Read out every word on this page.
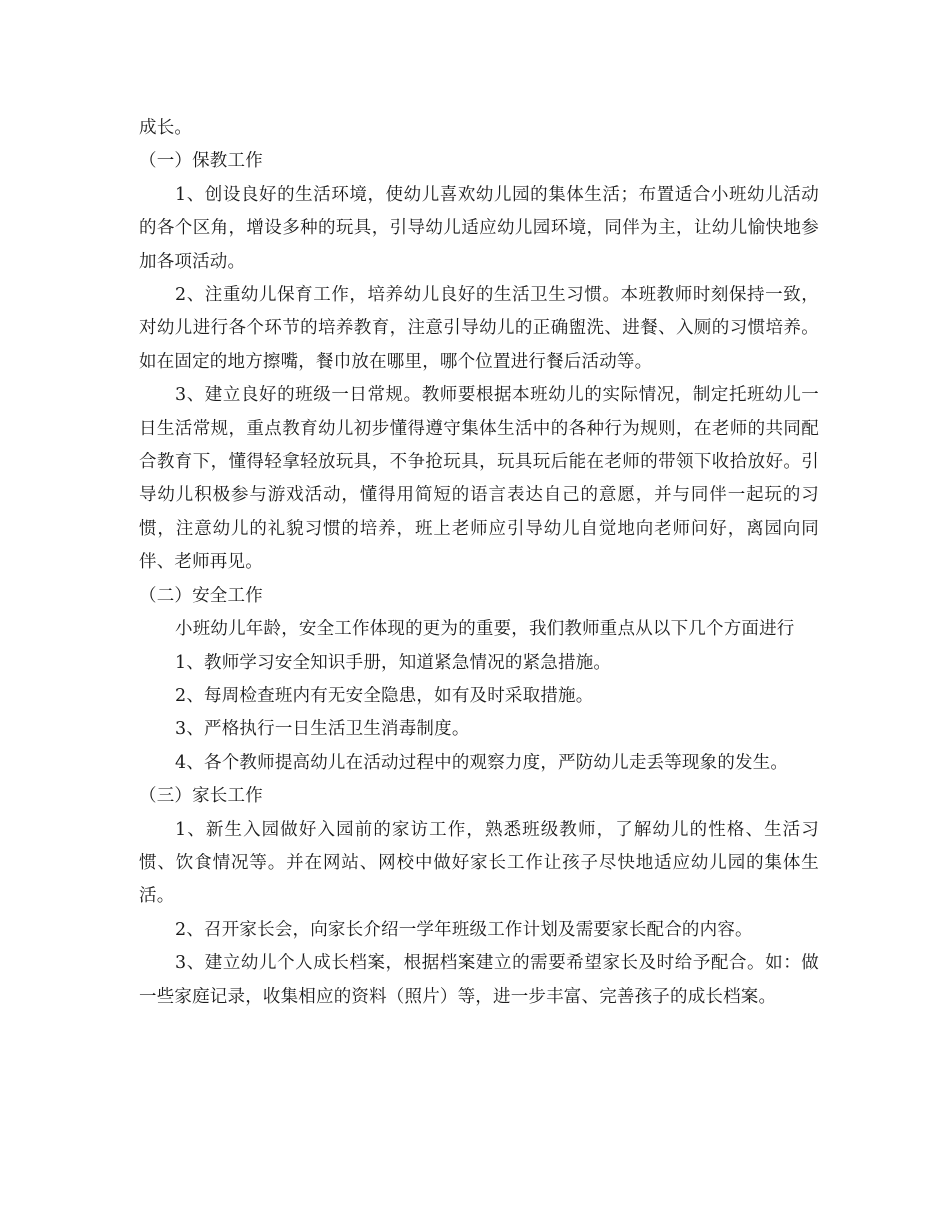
成长。

（一）保教工作

1、创设良好的生活环境，使幼儿喜欢幼儿园的集体生活；布置适合小班幼儿活动的各个区角，增设多种的玩具，引导幼儿适应幼儿园环境，同伴为主，让幼儿愉快地参加各项活动。

2、注重幼儿保育工作，培养幼儿良好的生活卫生习惯。本班教师时刻保持一致，对幼儿进行各个环节的培养教育，注意引导幼儿的正确盥洗、进餐、入厕的习惯培养。如在固定的地方擦嘴，餐巾放在哪里，哪个位置进行餐后活动等。

3、建立良好的班级一日常规。教师要根据本班幼儿的实际情况，制定托班幼儿一日生活常规，重点教育幼儿初步懂得遵守集体生活中的各种行为规则，在老师的共同配合教育下，懂得轻拿轻放玩具，不争抢玩具，玩具玩后能在老师的带领下收拾放好。引导幼儿积极参与游戏活动，懂得用简短的语言表达自己的意愿，并与同伴一起玩的习惯，注意幼儿的礼貌习惯的培养，班上老师应引导幼儿自觉地向老师问好，离园向同伴、老师再见。

（二）安全工作

小班幼儿年龄，安全工作体现的更为的重要，我们教师重点从以下几个方面进行

1、教师学习安全知识手册，知道紧急情况的紧急措施。

2、每周检查班内有无安全隐患，如有及时采取措施。

3、严格执行一日生活卫生消毒制度。

4、各个教师提高幼儿在活动过程中的观察力度，严防幼儿走丢等现象的发生。

（三）家长工作

1、新生入园做好入园前的家访工作，熟悉班级教师，了解幼儿的性格、生活习惯、饮食情况等。并在网站、网校中做好家长工作让孩子尽快地适应幼儿园的集体生活。

2、召开家长会，向家长介绍一学年班级工作计划及需要家长配合的内容。

3、建立幼儿个人成长档案，根据档案建立的需要希望家长及时给予配合。如：做一些家庭记录，收集相应的资料（照片）等，进一步丰富、完善孩子的成长档案。
